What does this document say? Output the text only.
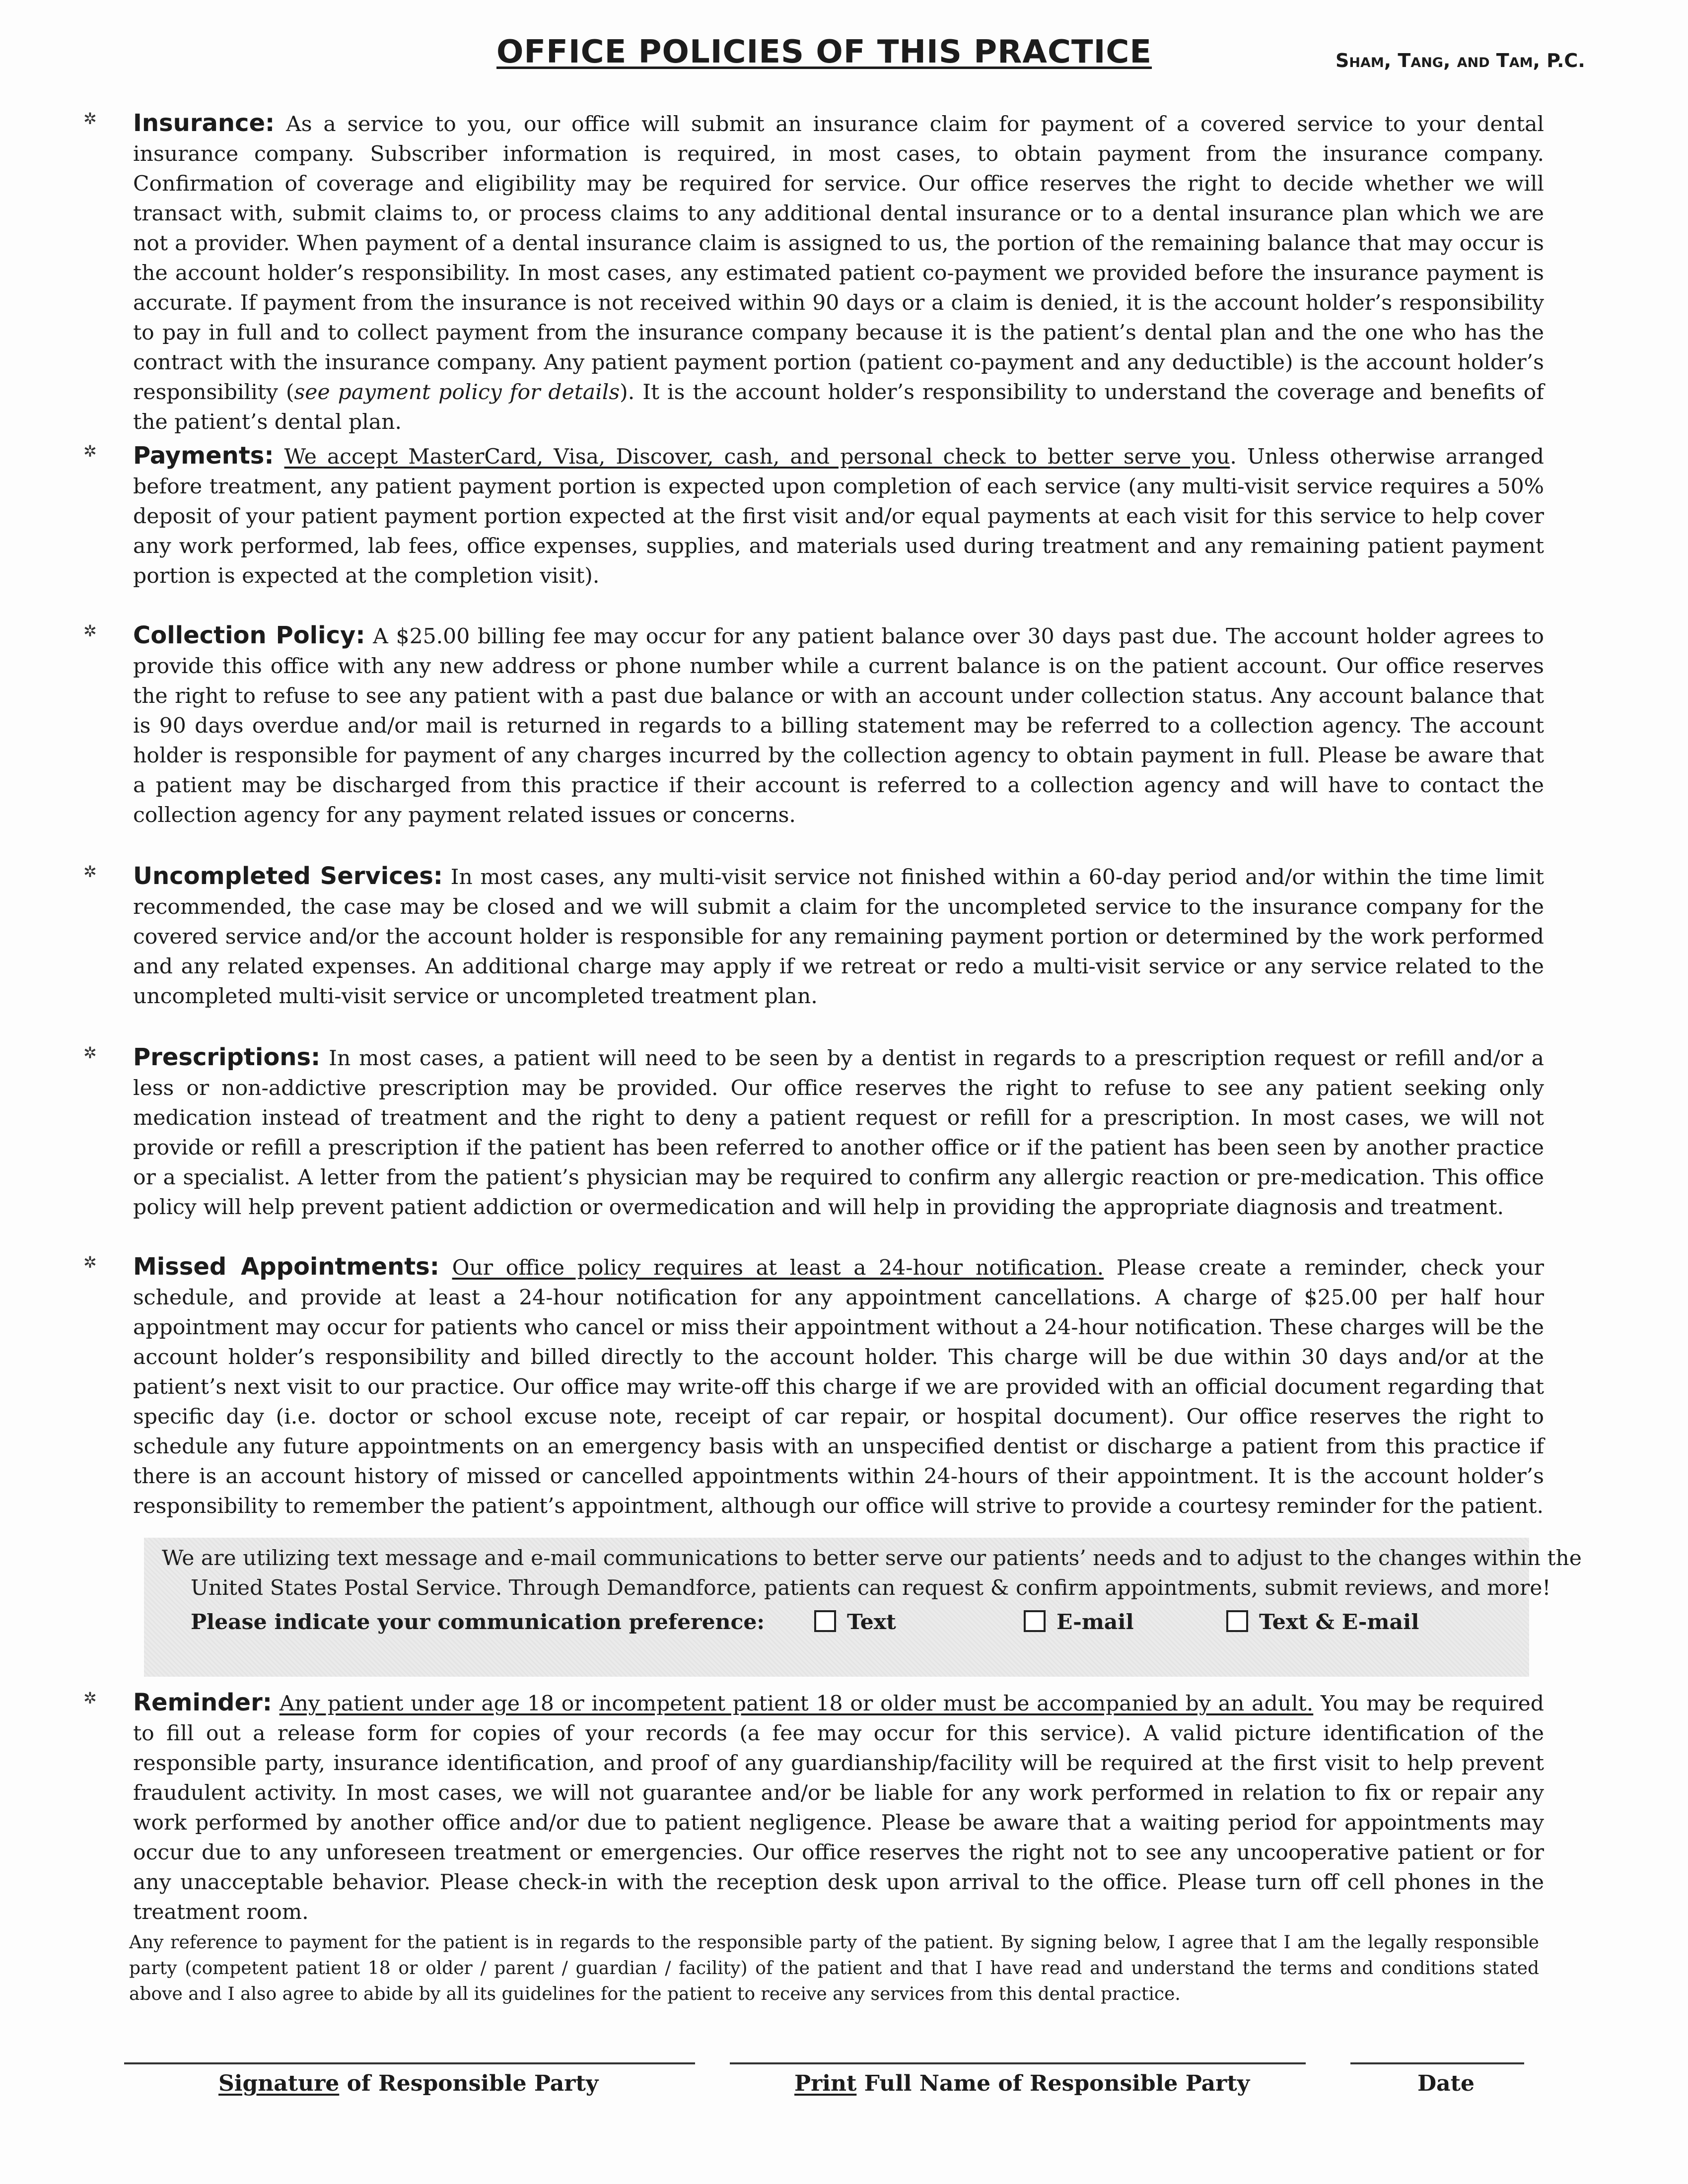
OFFICE POLICIES OF THIS PRACTICE	Sham, Tang, and Tam, P.C.
✲ Insurance: As a service to you, our office will submit an insurance claim for payment of a covered service to your dental insurance company. Subscriber information is required, in most cases, to obtain payment from the insurance company. Confirmation of coverage and eligibility may be required for service. Our office reserves the right to decide whether we will transact with, submit claims to, or process claims to any additional dental insurance or to a dental insurance plan which we are not a provider. When payment of a dental insurance claim is assigned to us, the portion of the remaining balance that may occur is the account holder’s responsibility. In most cases, any estimated patient co-payment we provided before the insurance payment is accurate. If payment from the insurance is not received within 90 days or a claim is denied, it is the account holder’s responsibility to pay in full and to collect payment from the insurance company because it is the patient’s dental plan and the one who has the contract with the insurance company. Any patient payment portion (patient co-payment and any deductible) is the account holder’s responsibility (see payment policy for details). It is the account holder’s responsibility to understand the coverage and benefits of the patient’s dental plan.
✲ Payments: We accept MasterCard, Visa, Discover, cash, and personal check to better serve you. Unless otherwise arranged before treatment, any patient payment portion is expected upon completion of each service (any multi-visit service requires a 50% deposit of your patient payment portion expected at the first visit and/or equal payments at each visit for this service to help cover any work performed, lab fees, office expenses, supplies, and materials used during treatment and any remaining patient payment portion is expected at the completion visit).
✲ Collection Policy: A $25.00 billing fee may occur for any patient balance over 30 days past due. The account holder agrees to provide this office with any new address or phone number while a current balance is on the patient account. Our office reserves the right to refuse to see any patient with a past due balance or with an account under collection status. Any account balance that is 90 days overdue and/or mail is returned in regards to a billing statement may be referred to a collection agency. The account holder is responsible for payment of any charges incurred by the collection agency to obtain payment in full. Please be aware that a patient may be discharged from this practice if their account is referred to a collection agency and will have to contact the collection agency for any payment related issues or concerns.
✲ Uncompleted Services: In most cases, any multi-visit service not finished within a 60-day period and/or within the time limit recommended, the case may be closed and we will submit a claim for the uncompleted service to the insurance company for the covered service and/or the account holder is responsible for any remaining payment portion or determined by the work performed and any related expenses. An additional charge may apply if we retreat or redo a multi-visit service or any service related to the uncompleted multi-visit service or uncompleted treatment plan.
✲ Prescriptions: In most cases, a patient will need to be seen by a dentist in regards to a prescription request or refill and/or a less or non-addictive prescription may be provided. Our office reserves the right to refuse to see any patient seeking only medication instead of treatment and the right to deny a patient request or refill for a prescription. In most cases, we will not provide or refill a prescription if the patient has been referred to another office or if the patient has been seen by another practice or a specialist. A letter from the patient’s physician may be required to confirm any allergic reaction or pre-medication. This office policy will help prevent patient addiction or overmedication and will help in providing the appropriate diagnosis and treatment.
✲ Missed Appointments: Our office policy requires at least a 24-hour notification. Please create a reminder, check your schedule, and provide at least a 24-hour notification for any appointment cancellations. A charge of $25.00 per half hour appointment may occur for patients who cancel or miss their appointment without a 24-hour notification. These charges will be the account holder’s responsibility and billed directly to the account holder. This charge will be due within 30 days and/or at the patient’s next visit to our practice. Our office may write-off this charge if we are provided with an official document regarding that specific day (i.e. doctor or school excuse note, receipt of car repair, or hospital document). Our office reserves the right to schedule any future appointments on an emergency basis with an unspecified dentist or discharge a patient from this practice if there is an account history of missed or cancelled appointments within 24-hours of their appointment. It is the account holder’s responsibility to remember the patient’s appointment, although our office will strive to provide a courtesy reminder for the patient.
We are utilizing text message and e-mail communications to better serve our patients’ needs and to adjust to the changes within the
United States Postal Service. Through Demandforce, patients can request & confirm appointments, submit reviews, and more!
Please indicate your communication preference:	Text	E-mail	Text & E-mail
✲ Reminder: Any patient under age 18 or incompetent patient 18 or older must be accompanied by an adult. You may be required to fill out a release form for copies of your records (a fee may occur for this service). A valid picture identification of the responsible party, insurance identification, and proof of any guardianship/facility will be required at the first visit to help prevent fraudulent activity. In most cases, we will not guarantee and/or be liable for any work performed in relation to fix or repair any work performed by another office and/or due to patient negligence. Please be aware that a waiting period for appointments may occur due to any unforeseen treatment or emergencies. Our office reserves the right not to see any uncooperative patient or for any unacceptable behavior. Please check-in with the reception desk upon arrival to the office. Please turn off cell phones in the treatment room.
Any reference to payment for the patient is in regards to the responsible party of the patient. By signing below, I agree that I am the legally responsible party (competent patient 18 or older / parent / guardian / facility) of the patient and that I have read and understand the terms and conditions stated above and I also agree to abide by all its guidelines for the patient to receive any services from this dental practice.
Signature of Responsible Party	Print Full Name of Responsible Party	Date
